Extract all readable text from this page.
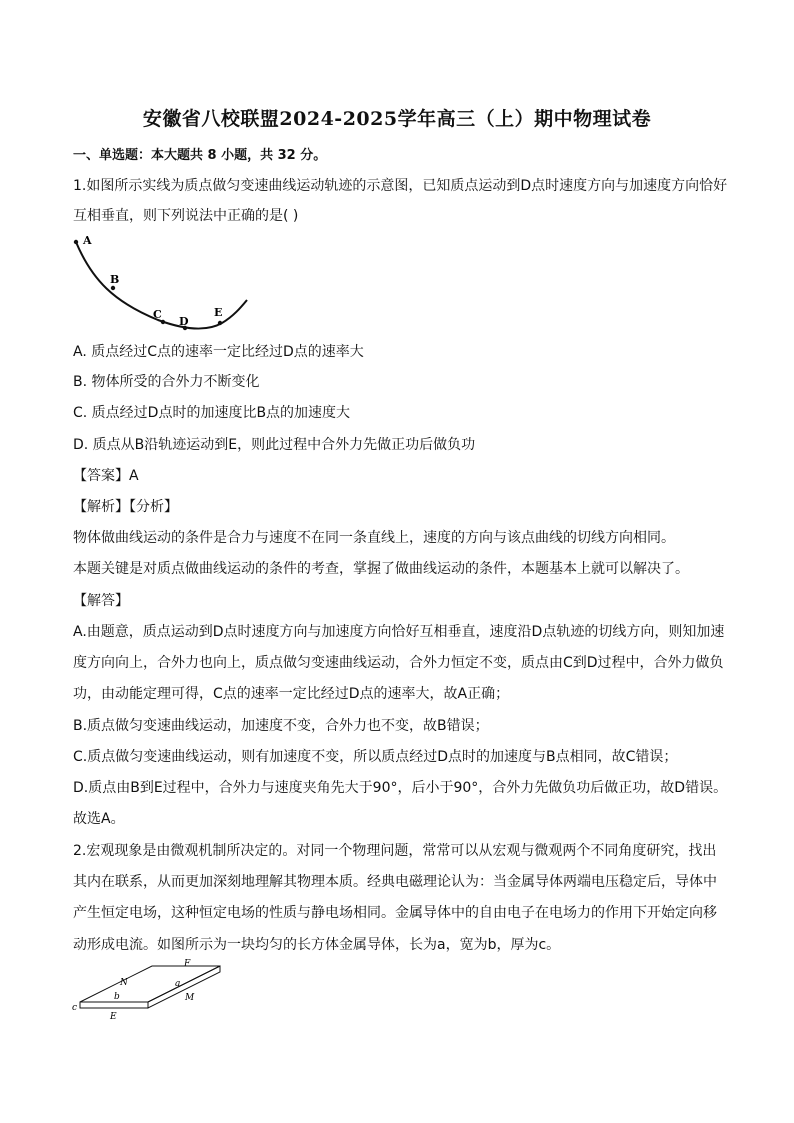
安徽省八校联盟2024-2025学年高三（上）期中物理试卷
一、单选题：本大题共 8 小题，共 32 分。
1.如图所示实线为质点做匀变速曲线运动轨迹的示意图，已知质点运动到D点时速度方向与加速度方向恰好
互相垂直，则下列说法中正确的是( )
A
B
C
D
E
A. 质点经过C点的速率一定比经过D点的速率大
B. 物体所受的合外力不断变化
C. 质点经过D点时的加速度比B点的加速度大
D. 质点从B沿轨迹运动到E，则此过程中合外力先做正功后做负功
【答案】A
【解析】【分析】
物体做曲线运动的条件是合力与速度不在同一条直线上，速度的方向与该点曲线的切线方向相同。
本题关键是对质点做曲线运动的条件的考查，掌握了做曲线运动的条件，本题基本上就可以解决了。
【解答】
A.由题意，质点运动到D点时速度方向与加速度方向恰好互相垂直，速度沿D点轨迹的切线方向，则知加速
度方向向上，合外力也向上，质点做匀变速曲线运动，合外力恒定不变，质点由C到D过程中，合外力做负
功，由动能定理可得，C点的速率一定比经过D点的速率大，故A正确；
B.质点做匀变速曲线运动，加速度不变，合外力也不变，故B错误；
C.质点做匀变速曲线运动，则有加速度不变，所以质点经过D点时的加速度与B点相同，故C错误；
D.质点由B到E过程中，合外力与速度夹角先大于90°，后小于90°，合外力先做负功后做正功，故D错误。
故选A。
2.宏观现象是由微观机制所决定的。对同一个物理问题，常常可以从宏观与微观两个不同角度研究，找出
其内在联系，从而更加深刻地理解其物理本质。经典电磁理论认为：当金属导体两端电压稳定后，导体中
产生恒定电场，这种恒定电场的性质与静电场相同。金属导体中的自由电子在电场力的作用下开始定向移
动形成电流。如图所示为一块均匀的长方体金属导体，长为a，宽为b，厚为c。
F
N	a
M
b
c
E
